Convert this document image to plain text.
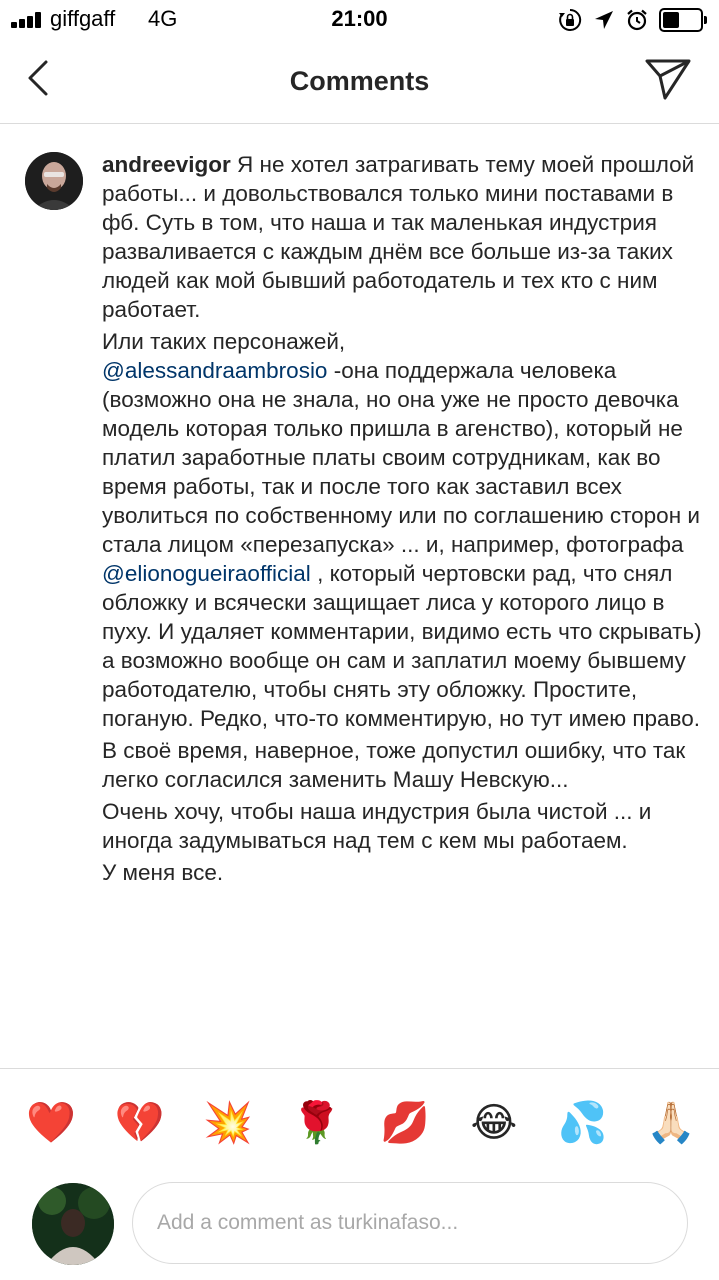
giffgaff 4G	21:00
Comments
andreevigor Я не хотел затрагивать тему моей прошлой работы... и довольствовался только мини поставами в фб. Суть в том, что наша и так маленькая индустрия разваливается с каждым днём все больше из-за таких людей как мой бывший работодатель и тех кто с ним работает.

Или таких персонажей,
@alessandraambrosio -она поддержала человека (возможно она не знала, но она уже не просто девочка модель которая только пришла в агенство), который не платил заработные платы своим сотрудникам, как во время работы, так и после того как заставил всех уволиться по собственному или по соглашению сторон и стала лицом «перезапуска» ... и, например, фотографа @elionogueiraofficial , который чертовски рад, что снял обложку и всячески защищает лиса у которого лицо в пуху. И удаляет комментарии, видимо есть что скрывать) а возможно вообще он сам и заплатил моему бывшему работодателю, чтобы снять эту обложку. Простите, поганую. Редко, что-то комментирую, но тут имею право.

В своё время, наверное, тоже допустил ошибку, что так легко согласился заменить Машу Невскую...

Очень хочу, чтобы наша индустрия была чистой ... и иногда задумываться над тем с кем мы работаем.

У меня все.
❤️ 💔 💥 🌹 💋 😂 💦 🙏🏻
Add a comment as turkinafaso...
